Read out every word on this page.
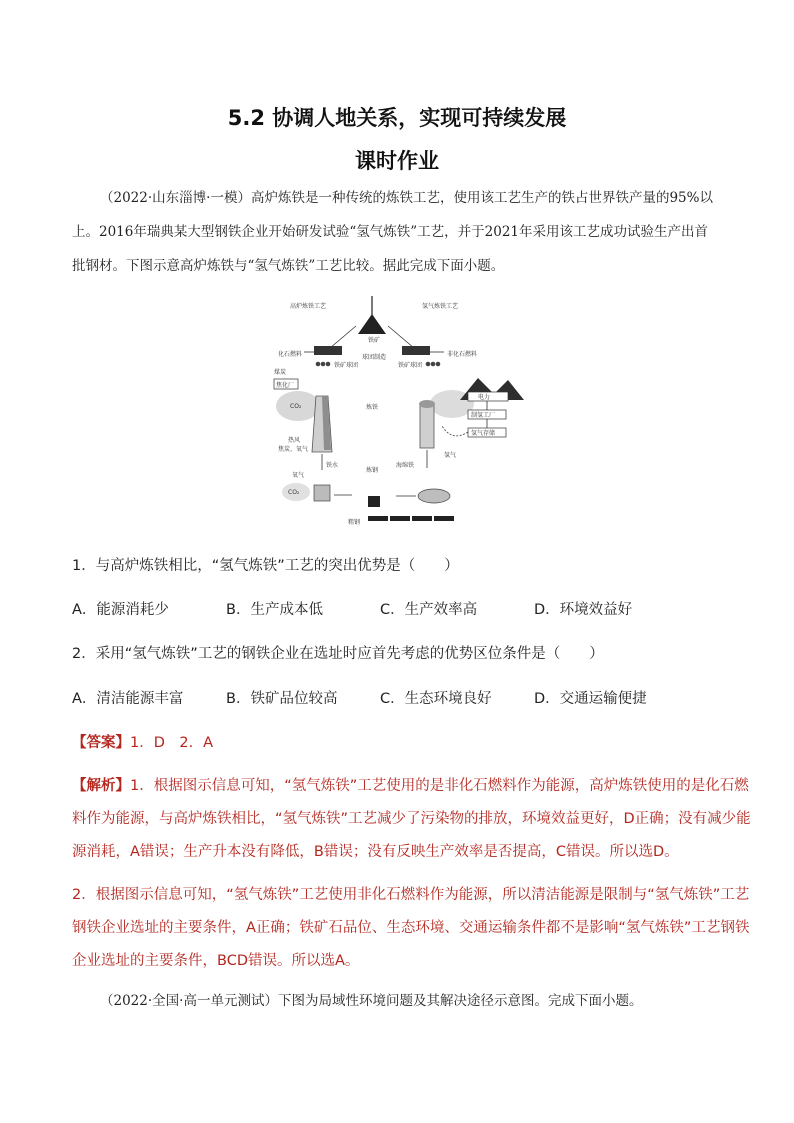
5.2 协调人地关系，实现可持续发展
课时作业
（2022·山东淄博·一模）高炉炼铁是一种传统的炼铁工艺，使用该工艺生产的铁占世界铁产量的95%以
上。2016年瑞典某大型钢铁企业开始研发试验“氢气炼铁”工艺，并于2021年采用该工艺成功试验生产出首
批钢材。下图示意高炉炼铁与“氢气炼铁”工艺比较。据此完成下面小题。
高炉炼铁工艺	氢气炼铁工艺
铁矿
球团制造
炼铁
炼钢
化石燃料
铁矿球团
煤炭
焦化厂
CO₂
热风
焦炭、氧气
铁水
氧气
CO₂
粗钢
非化石燃料
铁矿球团
电力
制氢工厂
氢气存储
氢气
海绵铁
1．与高炉炼铁相比，“氢气炼铁”工艺的突出优势是（　　）
A．能源消耗少	B．生产成本低	C．生产效率高	D．环境效益好
2．采用“氢气炼铁”工艺的钢铁企业在选址时应首先考虑的优势区位条件是（　　）
A．清洁能源丰富	B．铁矿品位较高	C．生态环境良好	D．交通运输便捷
【答案】1．D　2．A
【解析】1．根据图示信息可知，“氢气炼铁”工艺使用的是非化石燃料作为能源，高炉炼铁使用的是化石燃
料作为能源，与高炉炼铁相比，“氢气炼铁”工艺减少了污染物的排放，环境效益更好，D正确；没有减少能
源消耗，A错误；生产升本没有降低，B错误；没有反映生产效率是否提高，C错误。所以选D。
2．根据图示信息可知，“氢气炼铁”工艺使用非化石燃料作为能源，所以清洁能源是限制与“氢气炼铁”工艺
钢铁企业选址的主要条件，A正确；铁矿石品位、生态环境、交通运输条件都不是影响“氢气炼铁”工艺钢铁
企业选址的主要条件，BCD错误。所以选A。
（2022·全国·高一单元测试）下图为局域性环境问题及其解决途径示意图。完成下面小题。
